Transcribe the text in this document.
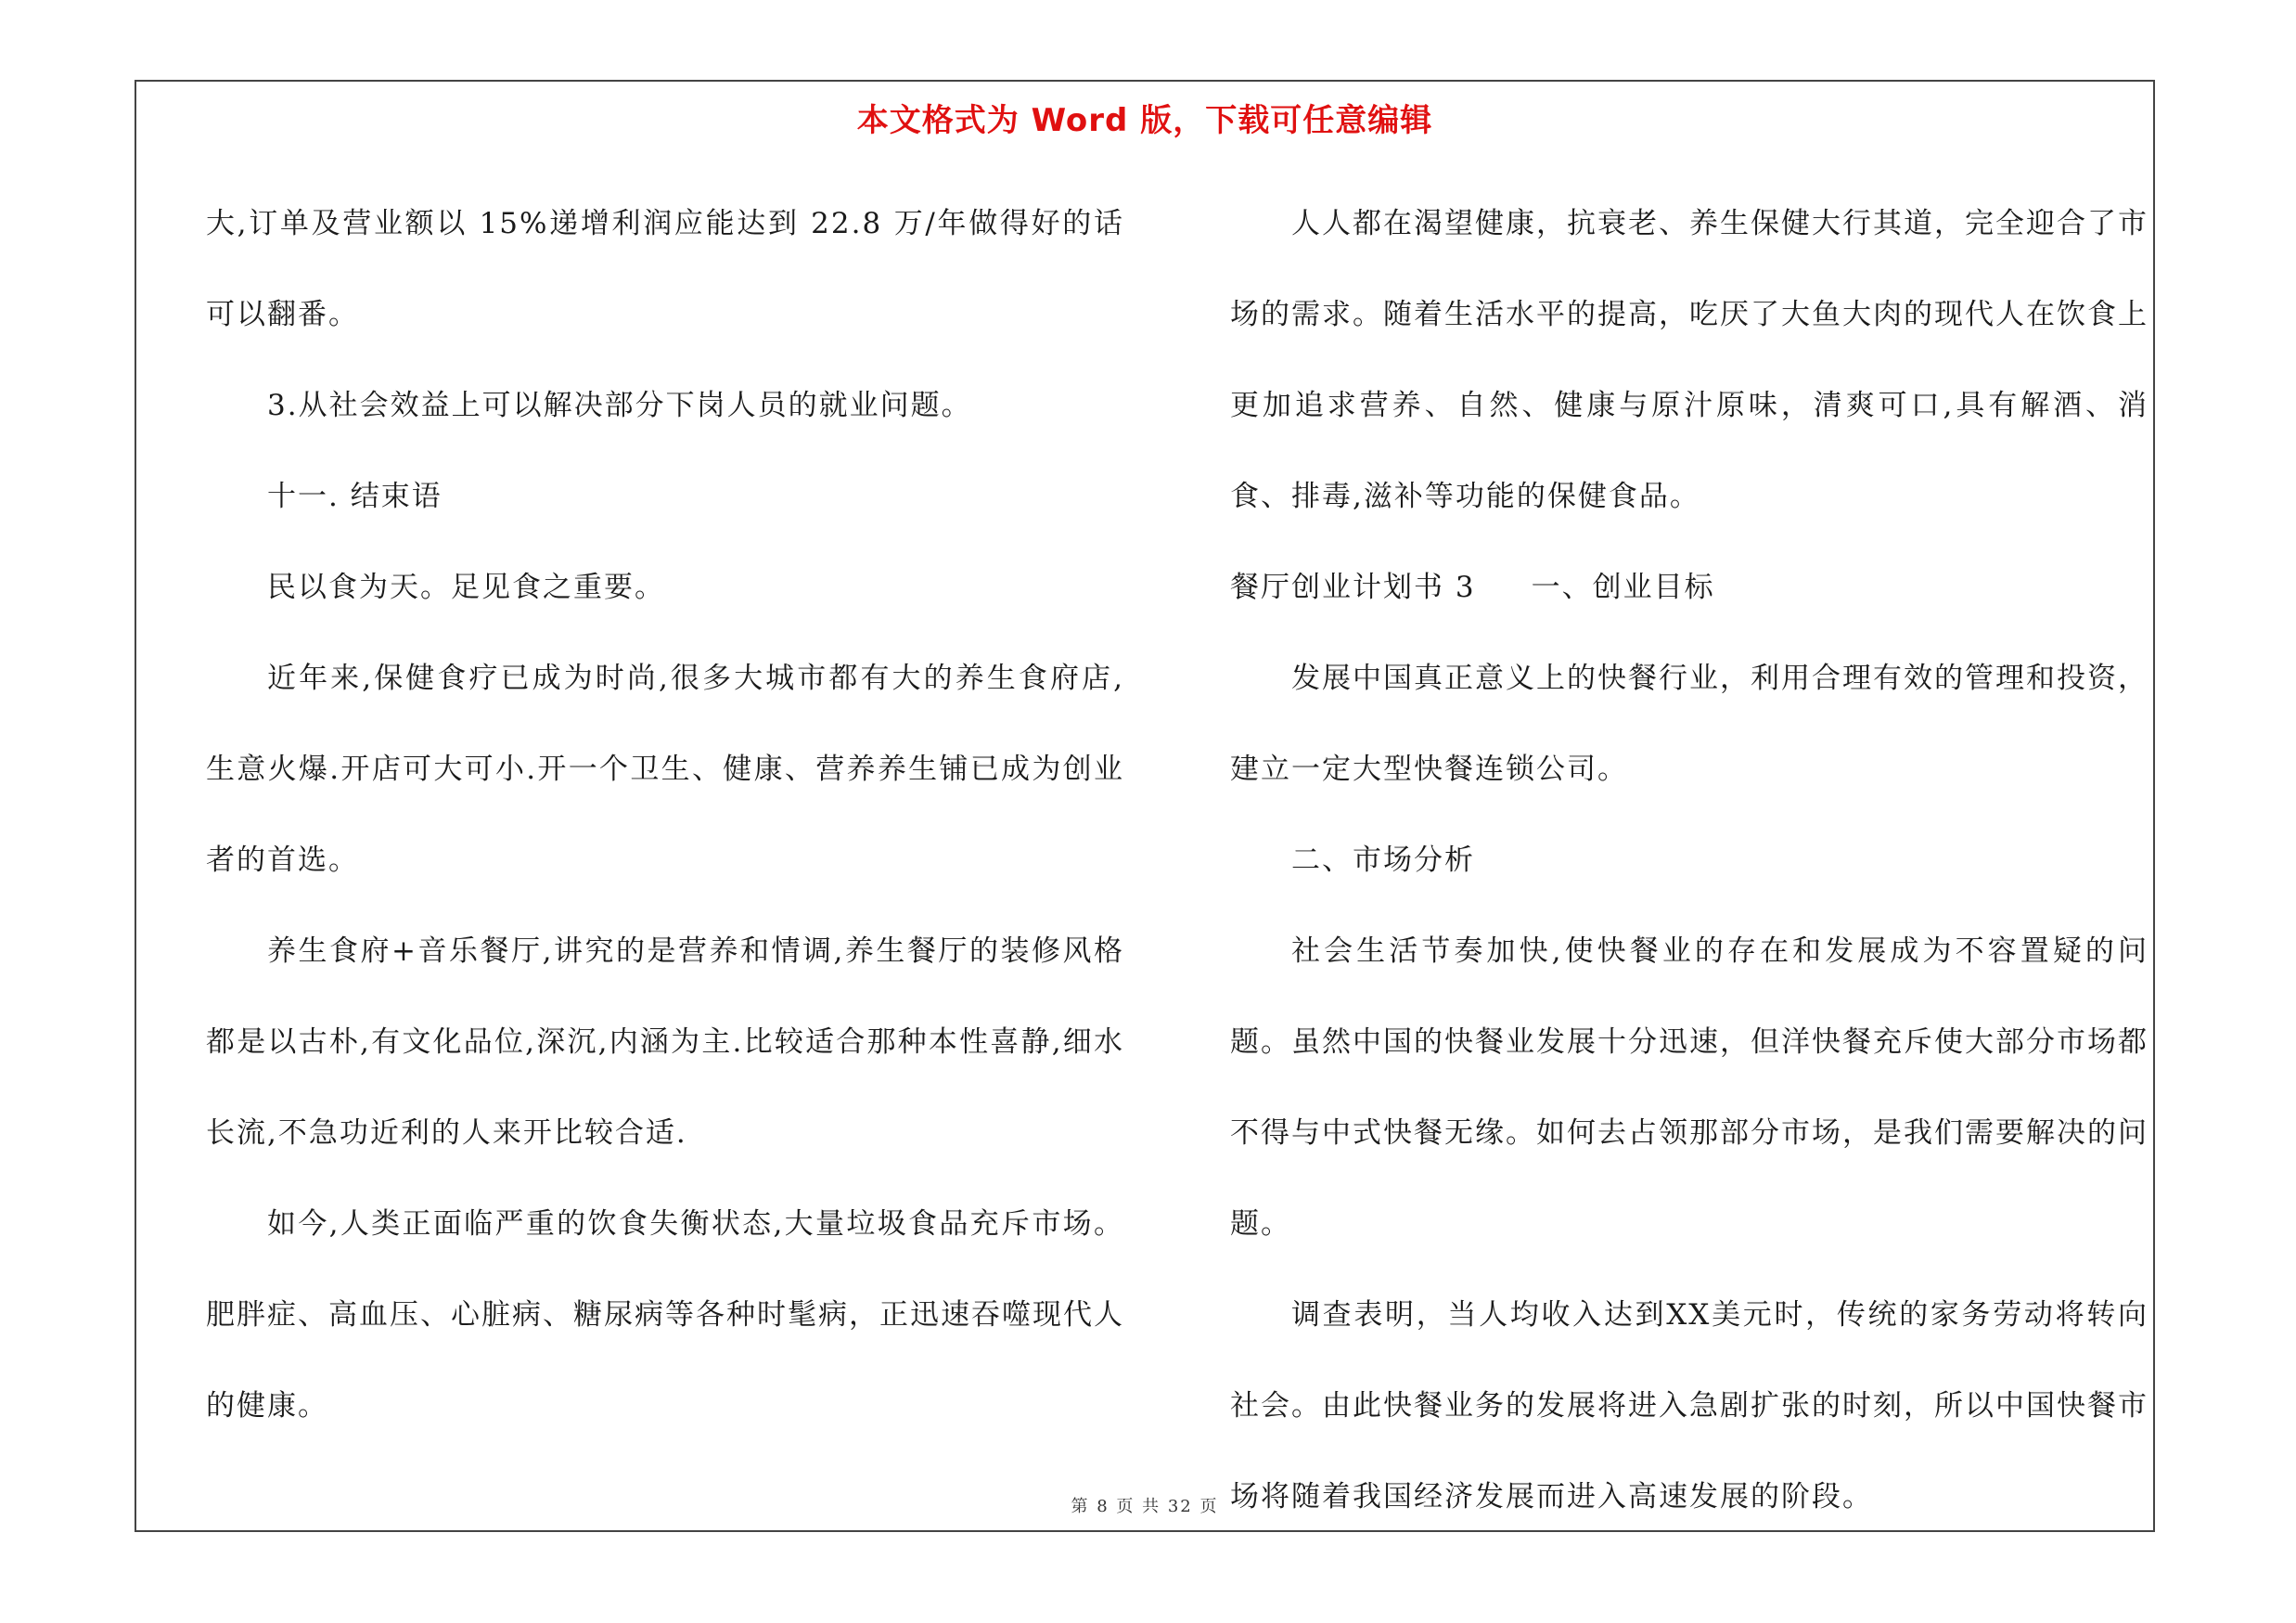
本文格式为 Word 版，下载可任意编辑

大,订单及营业额以 15%递增利润应能达到 22.8 万/年做得好的话可以翻番。

3.从社会效益上可以解决部分下岗人员的就业问题。

十一. 结束语

民以食为天。足见食之重要。

近年来,保健食疗已成为时尚,很多大城市都有大的养生食府店,生意火爆.开店可大可小.开一个卫生、健康、营养养生铺已成为创业者的首选。

养生食府+音乐餐厅,讲究的是营养和情调,养生餐厅的装修风格都是以古朴,有文化品位,深沉,内涵为主.比较适合那种本性喜静,细水长流,不急功近利的人来开比较合适.

如今,人类正面临严重的饮食失衡状态,大量垃圾食品充斥市场。肥胖症、高血压、心脏病、糖尿病等各种时髦病，正迅速吞噬现代人的健康。

人人都在渴望健康，抗衰老、养生保健大行其道，完全迎合了市场的需求。随着生活水平的提高，吃厌了大鱼大肉的现代人在饮食上更加追求营养、自然、健康与原汁原味，清爽可口,具有解酒、消食、排毒,滋补等功能的保健食品。

餐厅创业计划书 3 一、创业目标

发展中国真正意义上的快餐行业，利用合理有效的管理和投资，建立一定大型快餐连锁公司。

二、市场分析

社会生活节奏加快,使快餐业的存在和发展成为不容置疑的问题。虽然中国的快餐业发展十分迅速，但洋快餐充斥使大部分市场都不得与中式快餐无缘。如何去占领那部分市场，是我们需要解决的问题。

调查表明，当人均收入达到XX美元时，传统的家务劳动将转向社会。由此快餐业务的发展将进入急剧扩张的时刻，所以中国快餐市场将随着我国经济发展而进入高速发展的阶段。

第 8 页 共 32 页
